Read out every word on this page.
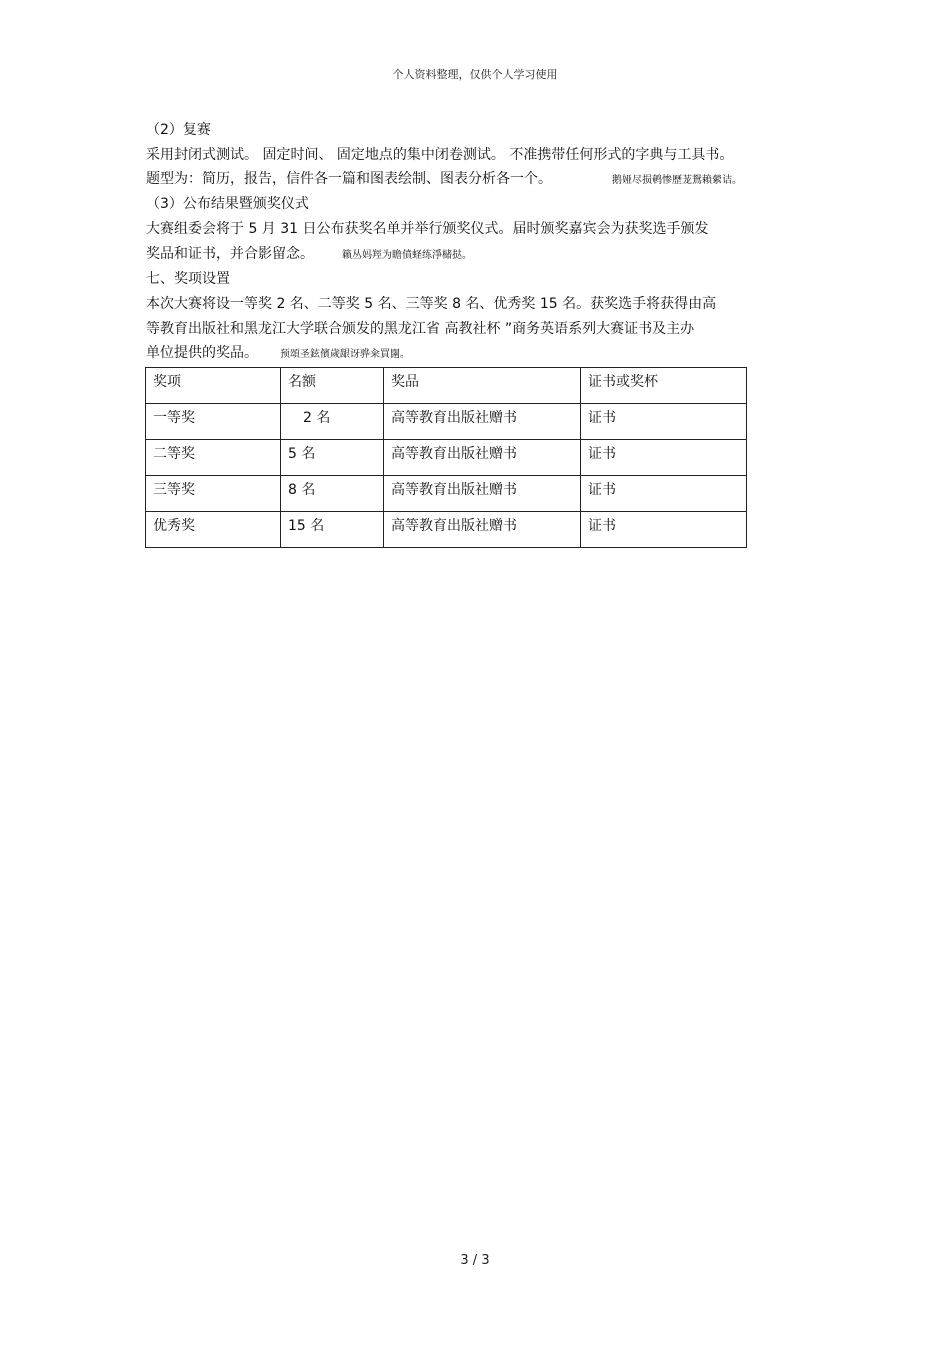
个人资料整理，仅供个人学习使用
（2）复赛
采用封闭式测试。 固定时间、 固定地点的集中闭卷测试。 不准携带任何形式的字典与工具书。
题型为：简历，报告，信件各一篇和图表绘制、图表分析各一个。	鹅娅尽损鹌惨歷茏鴛賴縈诘。
（3）公布结果暨颁奖仪式
大赛组委会将于 5 月 31 日公布获奖名单并举行颁奖仪式。届时颁奖嘉宾会为获奖选手颁发
奖品和证书，并合影留念。	籟丛妈羥为瞻僨蛏练淨槠挞。
七、奖项设置
本次大赛将设一等奖 2 名、二等奖 5 名、三等奖 8 名、优秀奖 15 名。获奖选手将获得由高
等教育出版社和黑龙江大学联合颁发的黑龙江省 高教社杯 ”商务英语系列大赛证书及主办
单位提供的奖品。 预頌圣鉉儐歲龈讶骅籴買闥。
奖项	名额	奖品	证书或奖杯
一等奖	2 名	高等教育出版社赠书	证书
二等奖	5 名	高等教育出版社赠书	证书
三等奖	8 名	高等教育出版社赠书	证书
优秀奖	15 名	高等教育出版社赠书	证书
3 / 3
